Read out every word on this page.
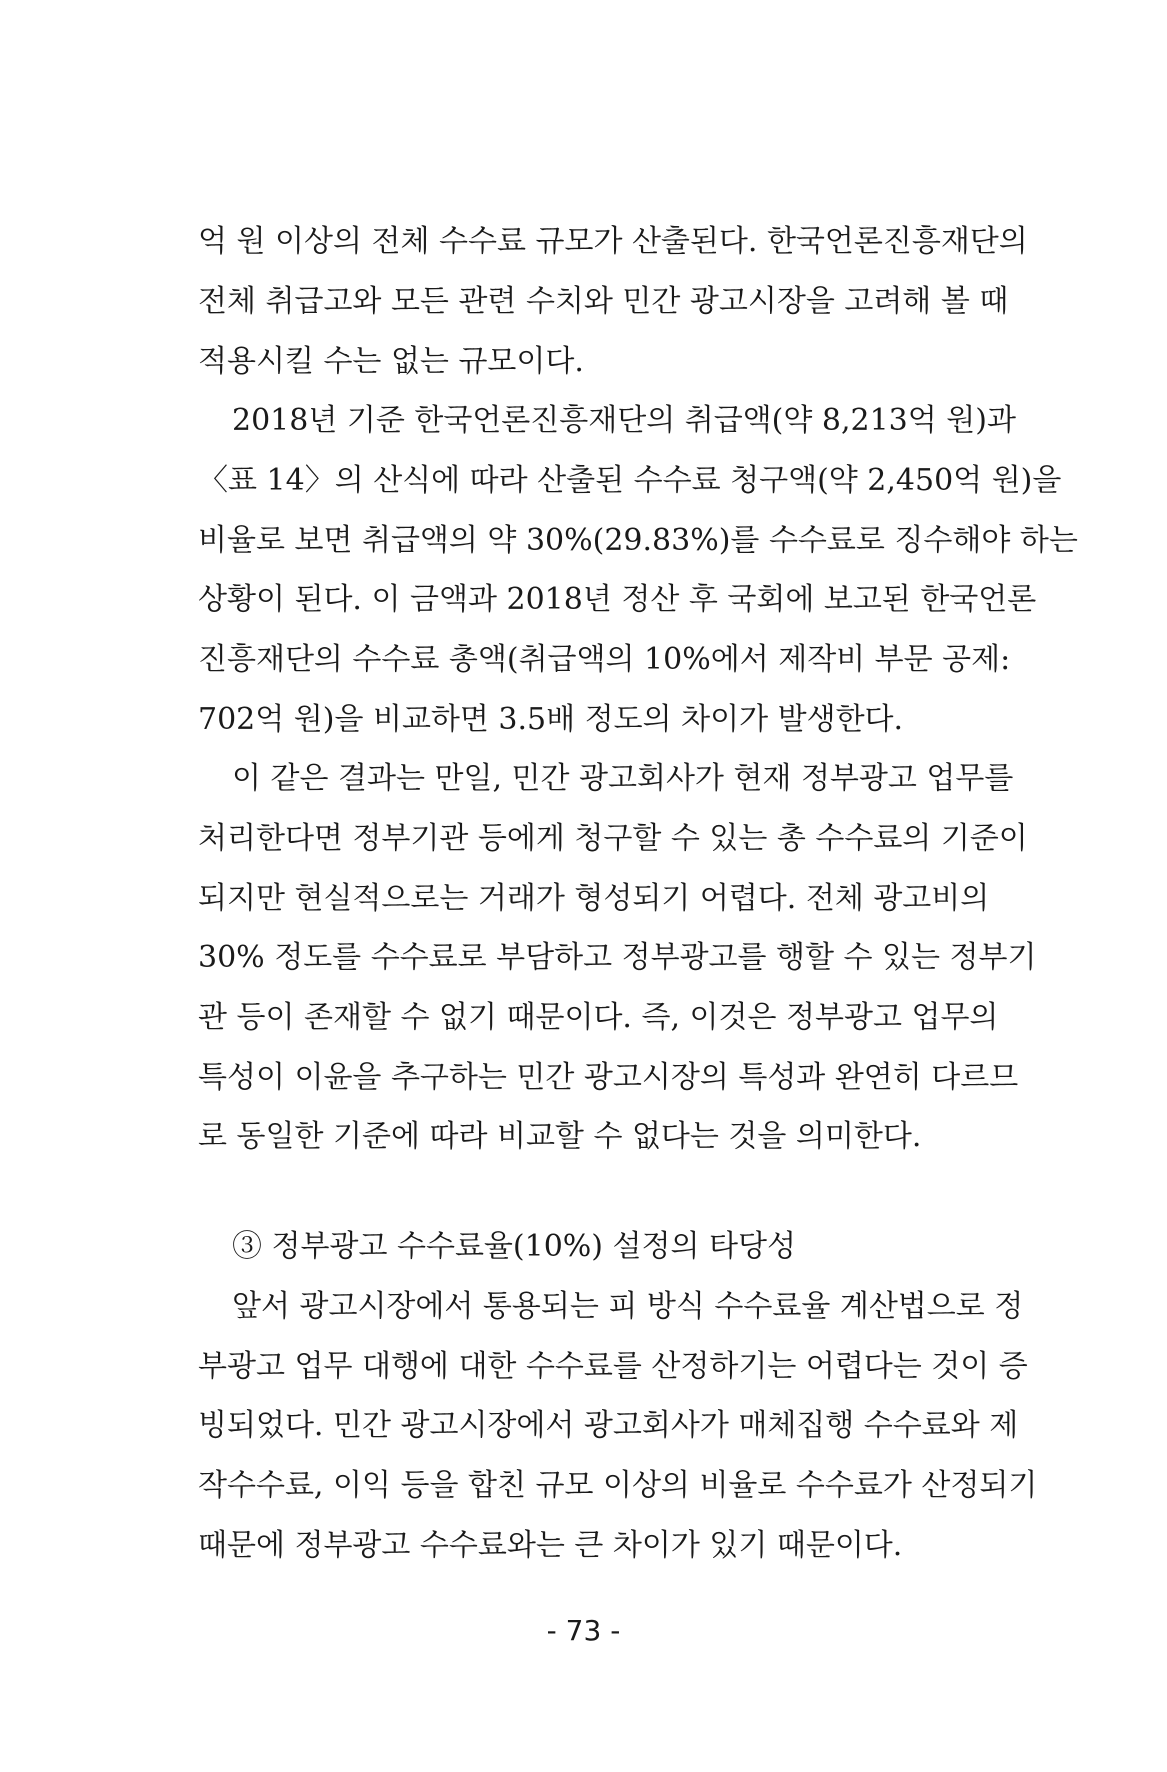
억 원 이상의 전체 수수료 규모가 산출된다. 한국언론진흥재단의
전체 취급고와 모든 관련 수치와 민간 광고시장을 고려해 볼 때
적용시킬 수는 없는 규모이다.
2018년 기준 한국언론진흥재단의 취급액(약 8,213억 원)과
〈표 14〉의 산식에 따라 산출된 수수료 청구액(약 2,450억 원)을
비율로 보면 취급액의 약 30%(29.83%)를 수수료로 징수해야 하는
상황이 된다. 이 금액과 2018년 정산 후 국회에 보고된 한국언론
진흥재단의 수수료 총액(취급액의 10%에서 제작비 부문 공제:
702억 원)을 비교하면 3.5배 정도의 차이가 발생한다.
이 같은 결과는 만일, 민간 광고회사가 현재 정부광고 업무를
처리한다면 정부기관 등에게 청구할 수 있는 총 수수료의 기준이
되지만 현실적으로는 거래가 형성되기 어렵다. 전체 광고비의
30% 정도를 수수료로 부담하고 정부광고를 행할 수 있는 정부기
관 등이 존재할 수 없기 때문이다. 즉, 이것은 정부광고 업무의
특성이 이윤을 추구하는 민간 광고시장의 특성과 완연히 다르므
로 동일한 기준에 따라 비교할 수 없다는 것을 의미한다.
③ 정부광고 수수료율(10%) 설정의 타당성
앞서 광고시장에서 통용되는 피 방식 수수료율 계산법으로 정
부광고 업무 대행에 대한 수수료를 산정하기는 어렵다는 것이 증
빙되었다. 민간 광고시장에서 광고회사가 매체집행 수수료와 제
작수수료, 이익 등을 합친 규모 이상의 비율로 수수료가 산정되기
때문에 정부광고 수수료와는 큰 차이가 있기 때문이다.
- 73 -
